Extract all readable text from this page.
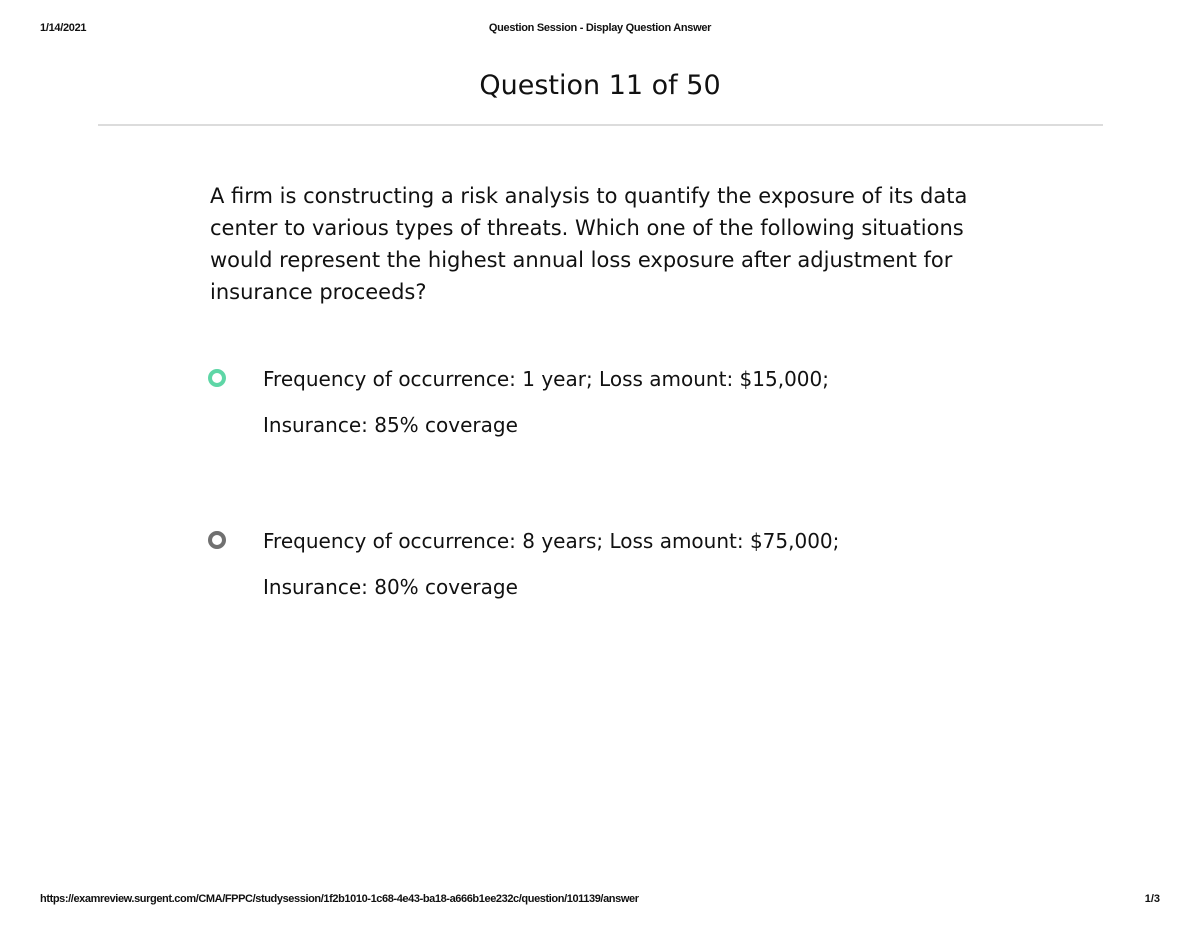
1/14/2021	Question Session - Display Question Answer
Question 11 of 50
A firm is constructing a risk analysis to quantify the exposure of its data center to various types of threats. Which one of the following situations would represent the highest annual loss exposure after adjustment for insurance proceeds?
Frequency of occurrence: 1 year; Loss amount: $15,000;
Insurance: 85% coverage
Frequency of occurrence: 8 years; Loss amount: $75,000;
Insurance: 80% coverage
https://examreview.surgent.com/CMA/FPPC/studysession/1f2b1010-1c68-4e43-ba18-a666b1ee232c/question/101139/answer	1/3
